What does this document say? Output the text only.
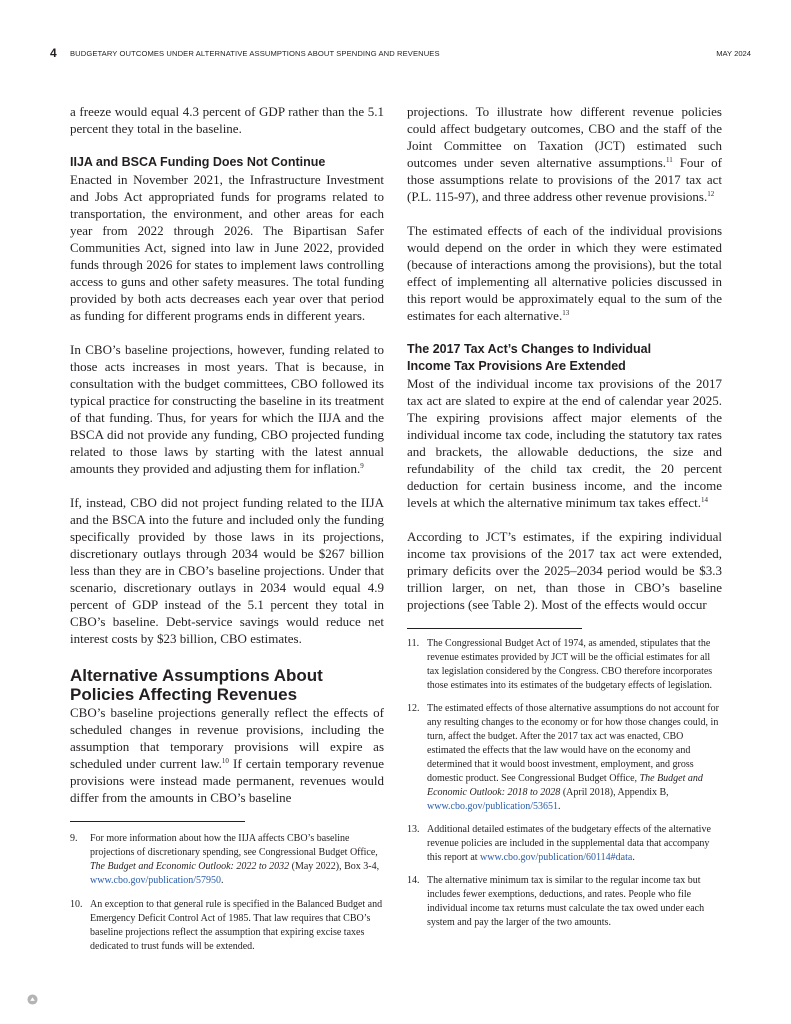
4 BUDGETARY OUTCOMES UNDER ALTERNATIVE ASSUMPTIONS ABOUT SPENDING AND REVENUES	MAY 2024

a freeze would equal 4.3 percent of GDP rather than the 5.1 percent they total in the baseline.

IIJA and BSCA Funding Does Not Continue

Enacted in November 2021, the Infrastructure Investment and Jobs Act appropriated funds for programs related to transportation, the environment, and other areas for each year from 2022 through 2026. The Bipartisan Safer Communities Act, signed into law in June 2022, provided funds through 2026 for states to implement laws controlling access to guns and other safety measures. The total funding provided by both acts decreases each year over that period as funding for different programs ends in different years.

In CBO’s baseline projections, however, funding related to those acts increases in most years. That is because, in consultation with the budget committees, CBO followed its typical practice for constructing the baseline in its treatment of that funding. Thus, for years for which the IIJA and the BSCA did not provide any funding, CBO projected funding related to those laws by starting with the latest annual amounts they provided and adjusting them for inflation.$^9$

If, instead, CBO did not project funding related to the IIJA and the BSCA into the future and included only the funding specifically provided by those laws in its projections, discretionary outlays through 2034 would be $267 billion less than they are in CBO’s baseline projections. Under that scenario, discretionary outlays in 2034 would equal 4.9 percent of GDP instead of the 5.1 percent they total in CBO’s baseline. Debt-service savings would reduce net interest costs by $23 billion, CBO estimates.

Alternative Assumptions About
Policies Affecting Revenues

CBO’s baseline projections generally reflect the effects of scheduled changes in revenue provisions, including the assumption that temporary provisions will expire as scheduled under current law.$^{10}$ If certain temporary revenue provisions were instead made permanent, revenues would differ from the amounts in CBO’s baseline

9. For more information about how the IIJA affects CBO’s baseline projections of discretionary spending, see Congressional Budget Office, The Budget and Economic Outlook: 2022 to 2032 (May 2022), Box 3-4, www.cbo.gov/publication/57950.

10. An exception to that general rule is specified in the Balanced Budget and Emergency Deficit Control Act of 1985. That law requires that CBO’s baseline projections reflect the assumption that expiring excise taxes dedicated to trust funds will be extended.

projections. To illustrate how different revenue policies could affect budgetary outcomes, CBO and the staff of the Joint Committee on Taxation (JCT) estimated such outcomes under seven alternative assumptions.$^{11}$ Four of those assumptions relate to provisions of the 2017 tax act (P.L. 115-97), and three address other revenue provisions.$^{12}$

The estimated effects of each of the individual provisions would depend on the order in which they were estimated (because of interactions among the provisions), but the total effect of implementing all alternative policies discussed in this report would be approximately equal to the sum of the estimates for each alternative.$^{13}$

The 2017 Tax Act’s Changes to Individual
Income Tax Provisions Are Extended

Most of the individual income tax provisions of the 2017 tax act are slated to expire at the end of calendar year 2025. The expiring provisions affect major elements of the individual income tax code, including the statutory tax rates and brackets, the allowable deductions, the size and refundability of the child tax credit, the 20 percent deduction for certain business income, and the income levels at which the alternative minimum tax takes effect.$^{14}$

According to JCT’s estimates, if the expiring individual income tax provisions of the 2017 tax act were extended, primary deficits over the 2025–2034 period would be $3.3 trillion larger, on net, than those in CBO’s baseline projections (see Table 2). Most of the effects would occur

11. The Congressional Budget Act of 1974, as amended, stipulates that the revenue estimates provided by JCT will be the official estimates for all tax legislation considered by the Congress. CBO therefore incorporates those estimates into its estimates of the budgetary effects of legislation.

12. The estimated effects of those alternative assumptions do not account for any resulting changes to the economy or for how those changes could, in turn, affect the budget. After the 2017 tax act was enacted, CBO estimated the effects that the law would have on the economy and determined that it would boost investment, employment, and gross domestic product. See Congressional Budget Office, The Budget and Economic Outlook: 2018 to 2028 (April 2018), Appendix B, www.cbo.gov/publication/53651.

13. Additional detailed estimates of the budgetary effects of the alternative revenue policies are included in the supplemental data that accompany this report at www.cbo.gov/publication/60114#data.

14. The alternative minimum tax is similar to the regular income tax but includes fewer exemptions, deductions, and rates. People who file individual income tax returns must calculate the tax owed under each system and pay the larger of the two amounts.
